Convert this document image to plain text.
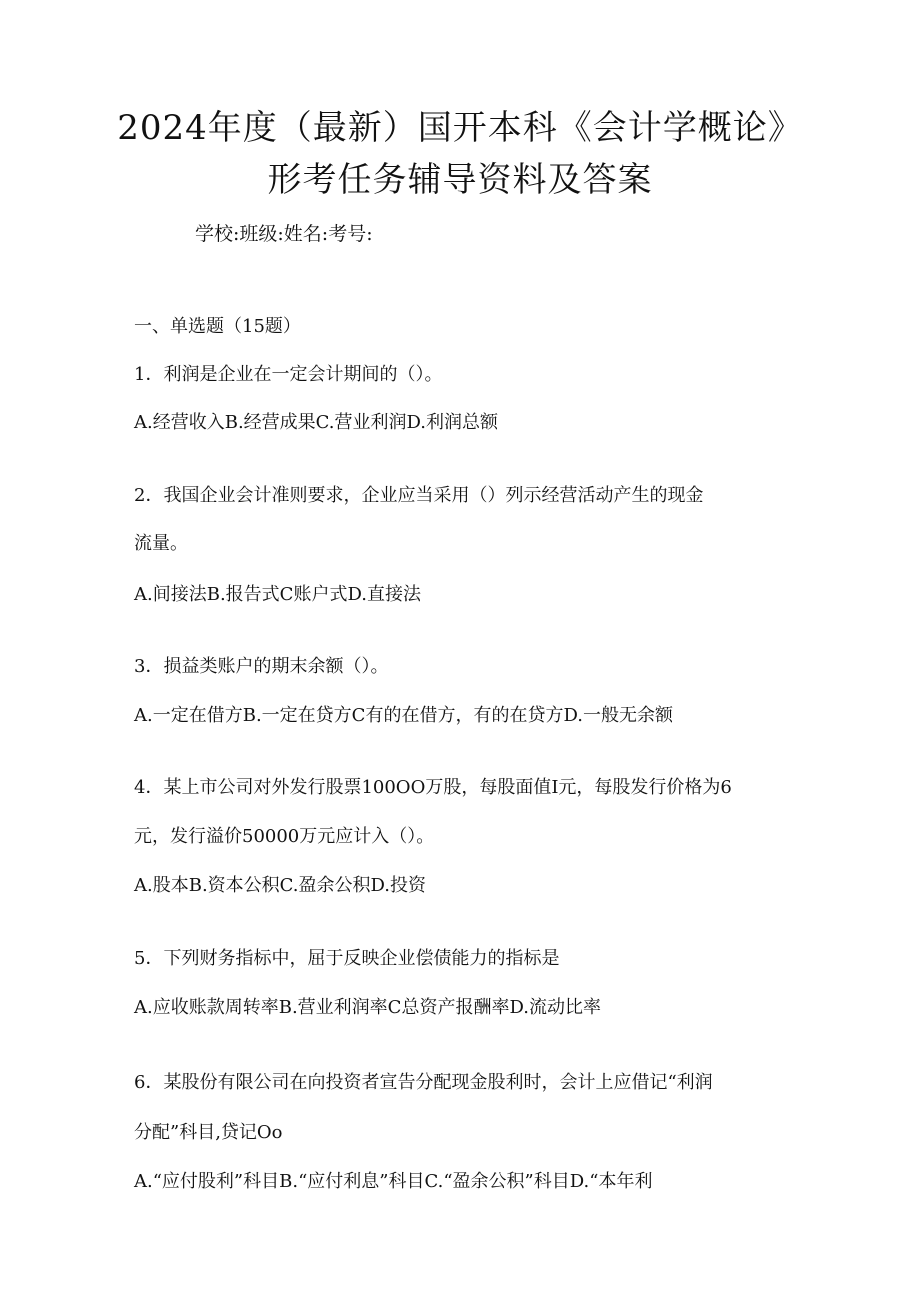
2024年度（最新）国开本科《会计学概论》
形考任务辅导资料及答案
学校:班级:姓名:考号:
一、单选题（15题）
1．利润是企业在一定会计期间的（）。
A.经营收入B.经营成果C.营业利润D.利润总额
2．我国企业会计准则要求，企业应当采用（）列示经营活动产生的现金
流量。
A.间接法B.报告式C账户式D.直接法
3．损益类账户的期末余额（）。
A.一定在借方B.一定在贷方C有的在借方，有的在贷方D.一般无余额
4．某上市公司对外发行股票100OO万股，每股面值I元，每股发行价格为6
元，发行溢价50000万元应计入（）。
A.股本B.资本公积C.盈余公积D.投资
5．下列财务指标中，屈于反映企业偿债能力的指标是
A.应收账款周转率B.营业利润率C总资产报酬率D.流动比率
6．某股份有限公司在向投资者宣告分配现金股利时，会计上应借记“利润
分配”科目,贷记Oo
A.“应付股利”科目B.“应付利息”科目C.“盈余公积”科目D.“本年利
